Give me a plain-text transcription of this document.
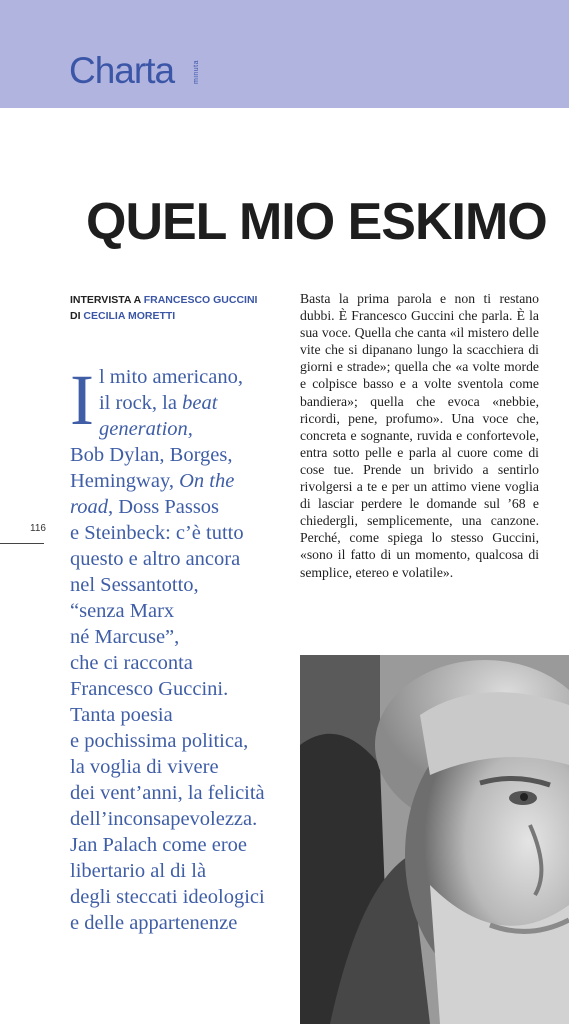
Charta	minuta
QUEL MIO ESKIMO
INTERVISTA A FRANCESCO GUCCINI
DI CECILIA MORETTI
116
I l mito americano,
il rock, la beat
generation,
Bob Dylan, Borges,
Hemingway, On the
road, Doss Passos
e Steinbeck: c’è tutto
questo e altro ancora
nel Sessantotto,
“senza Marx
né Marcuse”,
che ci racconta
Francesco Guccini.
Tanta poesia
e pochissima politica,
la voglia di vivere
dei vent’anni, la felicità
dell’inconsapevolezza.
Jan Palach come eroe
libertario al di là
degli steccati ideologici
e delle appartenenze

Basta la prima parola e non ti restano dubbi. È Francesco Guccini che parla. È la sua voce. Quella che canta «il mistero delle vite che si dipanano lungo la scacchiera di giorni e strade»; quella che «a volte morde e colpisce basso e a volte sventola come bandiera»; quella che evoca «nebbie, ricordi, pene, profumo». Una voce che, concreta e sognante, ruvida e confortevole, entra sotto pelle e parla al cuore come di cose tue. Prende un brivido a sentirlo rivolgersi a te e per un attimo viene voglia di lasciar perdere le domande sul ’68 e chiedergli, semplicemente, una canzone. Perché, come spiega lo stesso Guccini, «sono il fatto di un momento, qualcosa di semplice, etereo e volatile».
